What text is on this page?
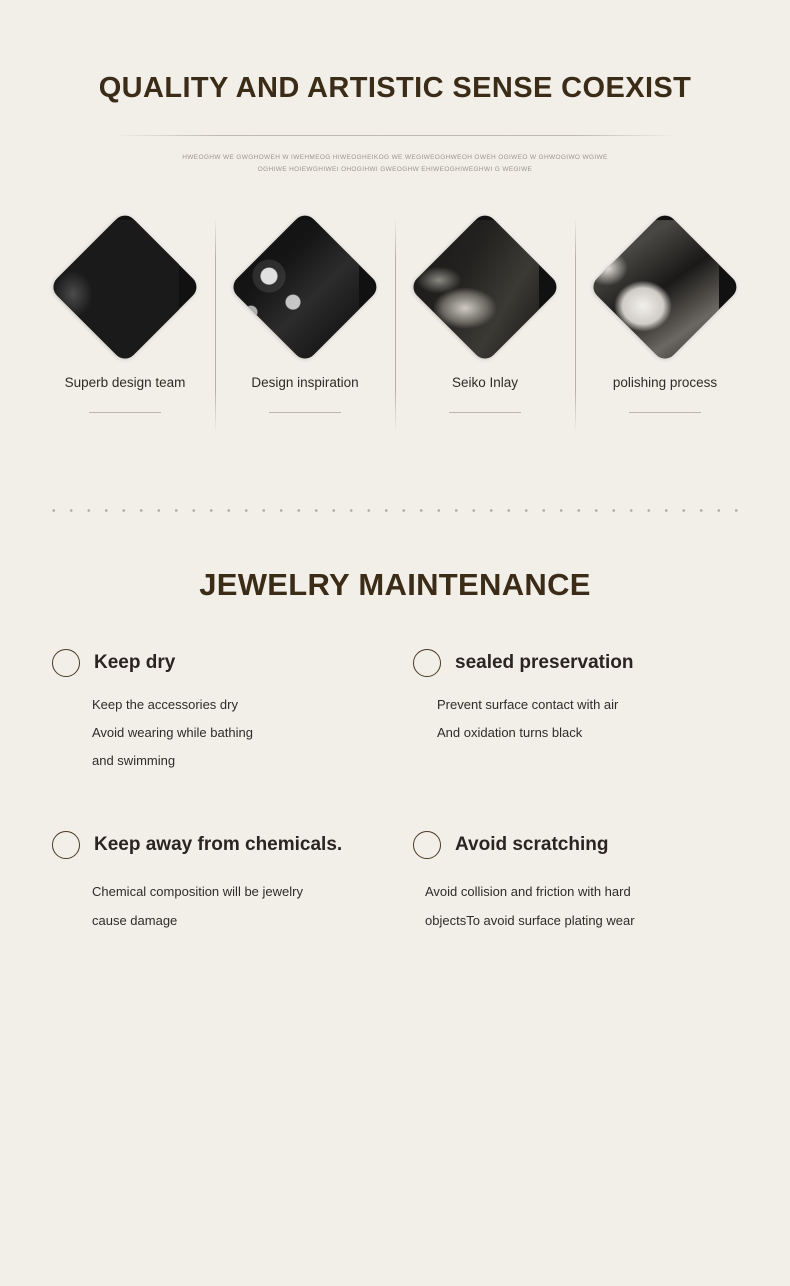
QUALITY AND ARTISTIC SENSE COEXIST
HWEOGHW WE GWGHOWEH W IWEHMEOG HIWEOGHEIKOG WE WEGIWEOGHWEOH OWEH OGIWEO W GHWOGIWO WGIWE
OGHIWE HOIEWGHIWEI OHOGIHWI GWEOGHW EHIWEOGHIWEGHWI G WEGIWE
Superb design team	Design inspiration	Seiko Inlay	polishing process
JEWELRY MAINTENANCE
Keep dry
Keep the accessories dry
Avoid wearing while bathing
and swimming
sealed preservation
Prevent surface contact with air
And oxidation turns black
Keep away from chemicals.
Chemical composition will be jewelry
cause damage
Avoid scratching
Avoid collision and friction with hard
objectsTo avoid surface plating wear
